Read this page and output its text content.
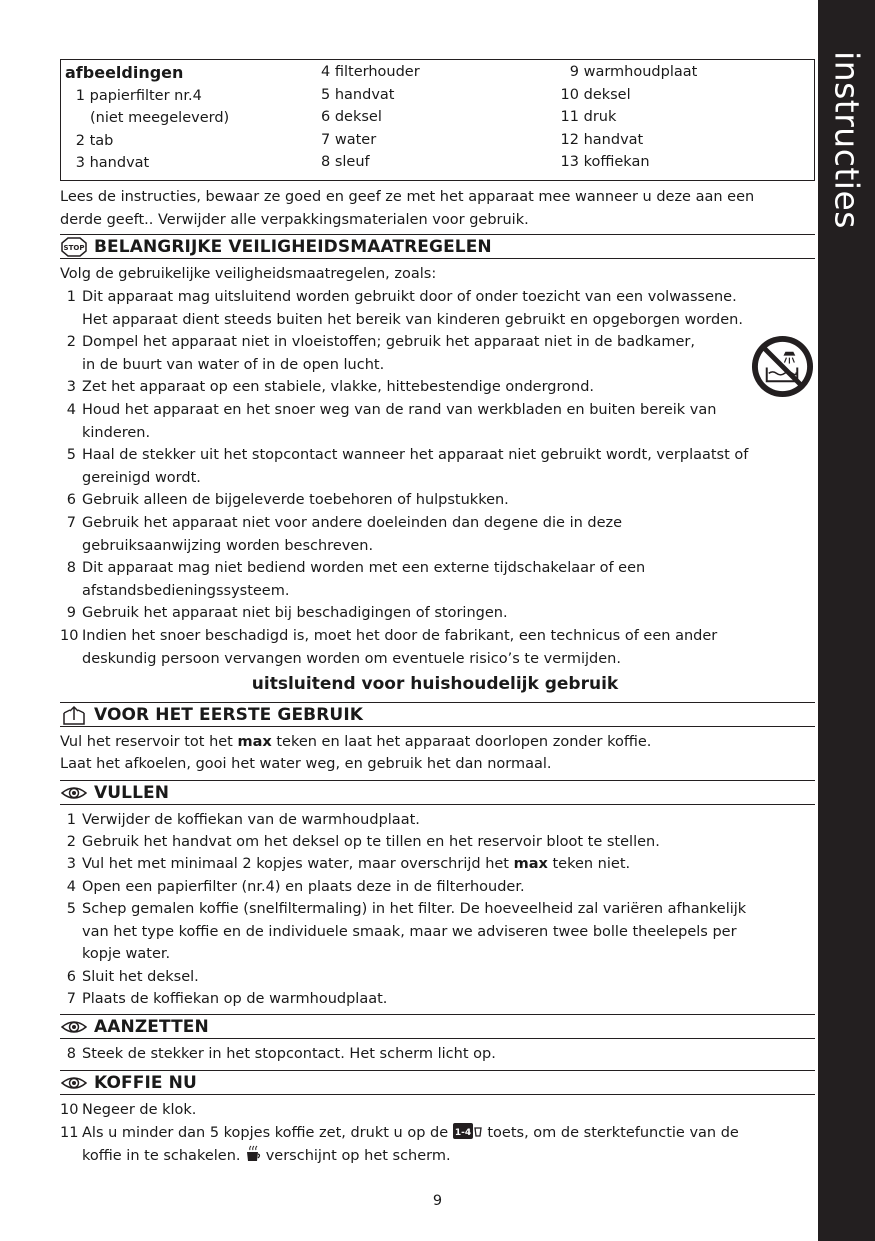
instructies
afbeeldingen
1 papierfilter nr.4
(niet meegeleverd)
2 tab
3 handvat
4 filterhouder
5 handvat
6 deksel
7 water
8 sleuf
9 warmhoudplaat
10 deksel
11 druk
12 handvat
13 koffiekan
Lees de instructies, bewaar ze goed en geef ze met het apparaat mee wanneer u deze aan een
derde geeft.. Verwijder alle verpakkingsmaterialen voor gebruik.
STOP BELANGRIJKE VEILIGHEIDSMAATREGELEN
Volg de gebruikelijke veiligheidsmaatregelen, zoals:
1 Dit apparaat mag uitsluitend worden gebruikt door of onder toezicht van een volwassene.
Het apparaat dient steeds buiten het bereik van kinderen gebruikt en opgeborgen worden.
2 Dompel het apparaat niet in vloeistoffen; gebruik het apparaat niet in de badkamer,
in de buurt van water of in de open lucht.
3 Zet het apparaat op een stabiele, vlakke, hittebestendige ondergrond.
4 Houd het apparaat en het snoer weg van de rand van werkbladen en buiten bereik van
kinderen.
5 Haal de stekker uit het stopcontact wanneer het apparaat niet gebruikt wordt, verplaatst of
gereinigd wordt.
6 Gebruik alleen de bijgeleverde toebehoren of hulpstukken.
7 Gebruik het apparaat niet voor andere doeleinden dan degene die in deze
gebruiksaanwijzing worden beschreven.
8 Dit apparaat mag niet bediend worden met een externe tijdschakelaar of een
afstandsbedieningssysteem.
9 Gebruik het apparaat niet bij beschadigingen of storingen.
10 Indien het snoer beschadigd is, moet het door de fabrikant, een technicus of een ander
deskundig persoon vervangen worden om eventuele risico’s te vermijden.
uitsluitend voor huishoudelijk gebruik
VOOR HET EERSTE GEBRUIK
Vul het reservoir tot het max teken en laat het apparaat doorlopen zonder koffie.
Laat het afkoelen, gooi het water weg, en gebruik het dan normaal.
VULLEN
1 Verwijder de koffiekan van de warmhoudplaat.
2 Gebruik het handvat om het deksel op te tillen en het reservoir bloot te stellen.
3 Vul het met minimaal 2 kopjes water, maar overschrijd het max teken niet.
4 Open een papierfilter (nr.4) en plaats deze in de filterhouder.
5 Schep gemalen koffie (snelfiltermaling) in het filter. De hoeveelheid zal variëren afhankelijk
van het type koffie en de individuele smaak, maar we adviseren twee bolle theelepels per
kopje water.
6 Sluit het deksel.
7 Plaats de koffiekan op de warmhoudplaat.
AANZETTEN
8 Steek de stekker in het stopcontact. Het scherm licht op.
KOFFIE NU
10 Negeer de klok.
11 Als u minder dan 5 kopjes koffie zet, drukt u op de 1-4 toets, om de sterktefunctie van de
koffie in te schakelen. verschijnt op het scherm.
9
